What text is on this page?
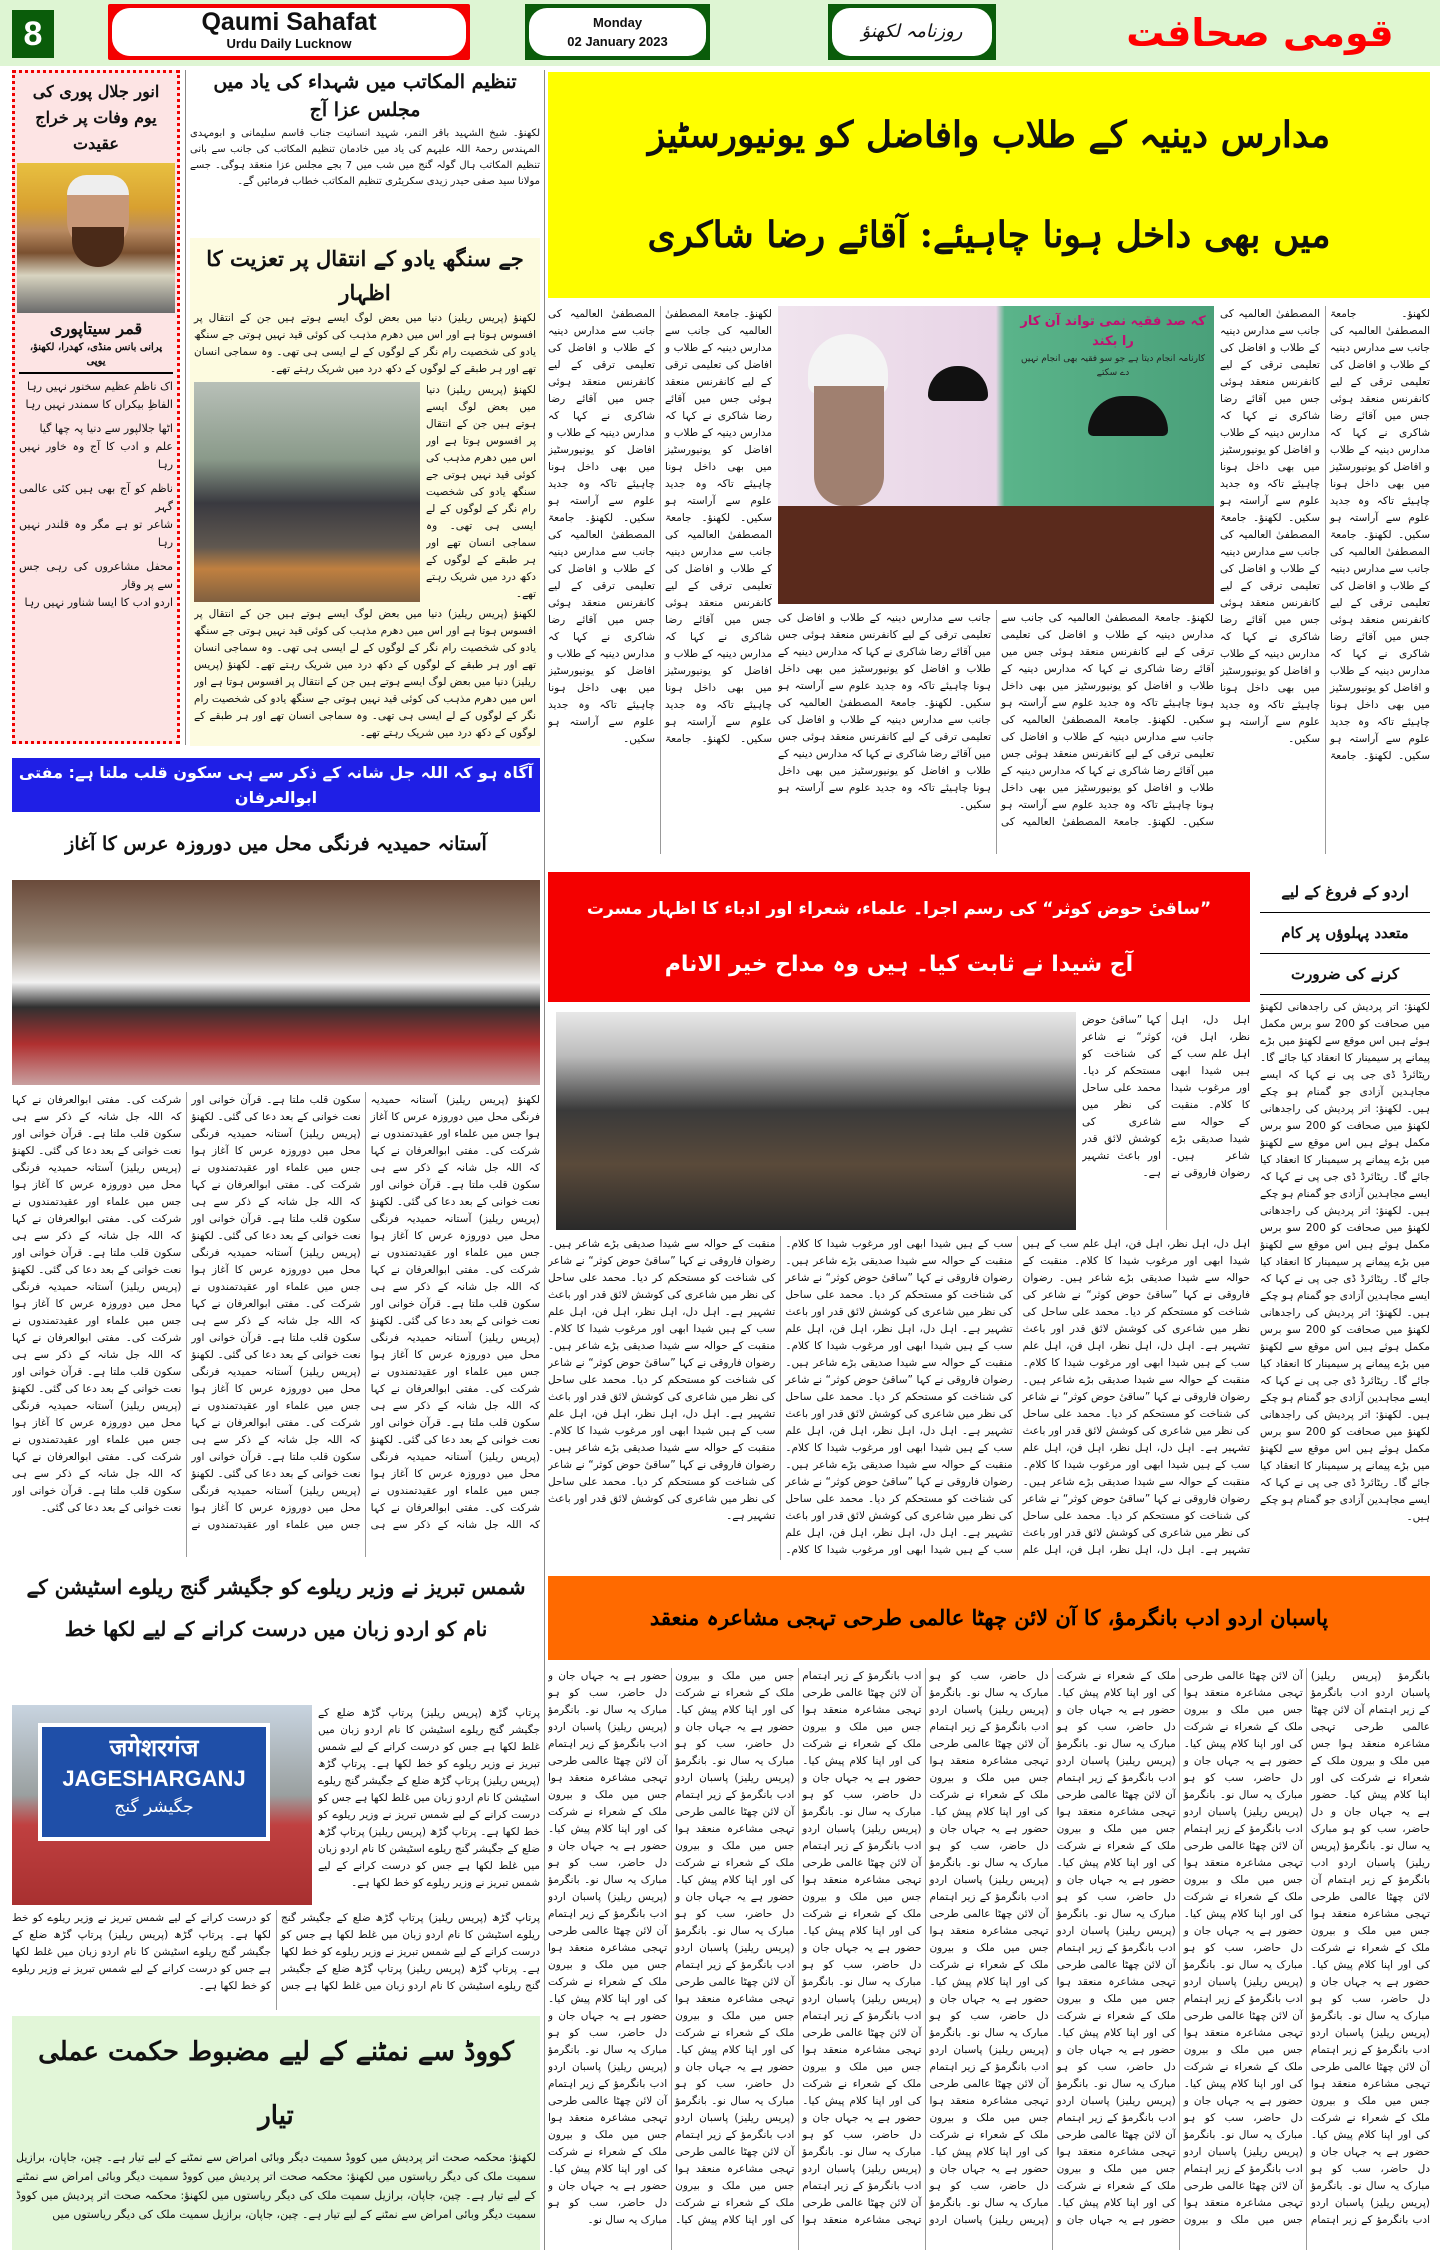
8	Qaumi Sahafat
Urdu Daily Lucknow
Monday
02 January 2023	روزنامہ لکھنؤ	قومی صحافت
انور جلال پوری کی یوم وفات پر خراج عقیدت
قمر سیتاپوری
پرانی بانس منڈی، کھدرا، لکھنؤ، یوپی
اک ناظمِ عظیم سخنور نہیں رہا
الفاظِ بیکراں کا سمندر نہیں رہا
اٹھا جلالپور سے دنیا پہ چھا گیا
علم و ادب کا آج وہ خاور نہیں رہا
ناظم کو آج بھی ہیں کئی عالمی گہر
شاعر تو ہے مگر وہ قلندر نہیں رہا
محفل مشاعروں کی رہی جس سے پر وقار
اردو ادب کا ایسا شناور نہیں رہا
تنظیم المکاتب میں شہداء کی یاد میں مجلس عزا آج
لکھنؤ۔ شیخ الشہید باقر النمر، شہید انسانیت جناب قاسم سلیمانی و ابومہدی المہندس رحمۃ اللہ علیہم کی یاد میں خادمان تنظیم المکاتب کی جانب سے بانی تنظیم المکاتب ہال گولہ گنج میں شب میں 7 بجے مجلس عزا منعقد ہوگی۔ جسے مولانا سید صفی حیدر زیدی سکریٹری تنظیم المکاتب خطاب فرمائیں گے۔
جے سنگھ یادو کے انتقال پر تعزیت کا اظہار
لکھنؤ (پریس ریلیز) دنیا میں بعض لوگ ایسے ہوتے ہیں جن کے انتقال پر افسوس ہوتا ہے اور اس میں دھرم مذہب کی کوئی قید نہیں ہوتی جے سنگھ یادو کی شخصیت رام نگر کے لوگوں کے لے ایسی ہی تھی۔ وہ سماجی انسان تھے اور ہر طبقے کے لوگوں کے دکھ درد میں شریک رہتے تھے۔
لکھنؤ (پریس ریلیز) دنیا میں بعض لوگ ایسے ہوتے ہیں جن کے انتقال پر افسوس ہوتا ہے اور اس میں دھرم مذہب کی کوئی قید نہیں ہوتی جے سنگھ یادو کی شخصیت رام نگر کے لوگوں کے لے ایسی ہی تھی۔ وہ سماجی انسان تھے اور ہر طبقے کے لوگوں کے دکھ درد میں شریک رہتے تھے۔
لکھنؤ (پریس ریلیز) دنیا میں بعض لوگ ایسے ہوتے ہیں جن کے انتقال پر افسوس ہوتا ہے اور اس میں دھرم مذہب کی کوئی قید نہیں ہوتی جے سنگھ یادو کی شخصیت رام نگر کے لوگوں کے لے ایسی ہی تھی۔ وہ سماجی انسان تھے اور ہر طبقے کے لوگوں کے دکھ درد میں شریک رہتے تھے۔ لکھنؤ (پریس ریلیز) دنیا میں بعض لوگ ایسے ہوتے ہیں جن کے انتقال پر افسوس ہوتا ہے اور اس میں دھرم مذہب کی کوئی قید نہیں ہوتی جے سنگھ یادو کی شخصیت رام نگر کے لوگوں کے لے ایسی ہی تھی۔ وہ سماجی انسان تھے اور ہر طبقے کے لوگوں کے دکھ درد میں شریک رہتے تھے۔
آگاہ ہو کہ اللہ جل شانہ کے ذکر سے ہی سکون قلب ملتا ہے: مفتی ابوالعرفان
آستانہ حمیدیہ فرنگی محل میں دوروزہ عرس کا آغاز
لکھنؤ (پریس ریلیز) آستانہ حمیدیہ فرنگی محل میں دوروزہ عرس کا آغاز ہوا جس میں علماء اور عقیدتمندوں نے شرکت کی۔ مفتی ابوالعرفان نے کہا کہ اللہ جل شانہ کے ذکر سے ہی سکون قلب ملتا ہے۔ قرآن خوانی اور نعت خوانی کے بعد دعا کی گئی۔ لکھنؤ (پریس ریلیز) آستانہ حمیدیہ فرنگی محل میں دوروزہ عرس کا آغاز ہوا جس میں علماء اور عقیدتمندوں نے شرکت کی۔ مفتی ابوالعرفان نے کہا کہ اللہ جل شانہ کے ذکر سے ہی سکون قلب ملتا ہے۔ قرآن خوانی اور نعت خوانی کے بعد دعا کی گئی۔ لکھنؤ (پریس ریلیز) آستانہ حمیدیہ فرنگی محل میں دوروزہ عرس کا آغاز ہوا جس میں علماء اور عقیدتمندوں نے شرکت کی۔ مفتی ابوالعرفان نے کہا کہ اللہ جل شانہ کے ذکر سے ہی سکون قلب ملتا ہے۔ قرآن خوانی اور نعت خوانی کے بعد دعا کی گئی۔ لکھنؤ (پریس ریلیز) آستانہ حمیدیہ فرنگی محل میں دوروزہ عرس کا آغاز ہوا جس میں علماء اور عقیدتمندوں نے شرکت کی۔ مفتی ابوالعرفان نے کہا کہ اللہ جل شانہ کے ذکر سے ہی سکون قلب ملتا ہے۔ قرآن خوانی اور نعت خوانی کے بعد دعا کی گئی۔ لکھنؤ (پریس ریلیز) آستانہ حمیدیہ فرنگی محل میں دوروزہ عرس کا آغاز ہوا جس میں علماء اور عقیدتمندوں نے شرکت کی۔ مفتی ابوالعرفان نے کہا کہ اللہ جل شانہ کے ذکر سے ہی سکون قلب ملتا ہے۔ قرآن خوانی اور نعت خوانی کے بعد دعا کی گئی۔ لکھنؤ (پریس ریلیز) آستانہ حمیدیہ فرنگی محل میں دوروزہ عرس کا آغاز ہوا جس میں علماء اور عقیدتمندوں نے شرکت کی۔ مفتی ابوالعرفان نے کہا کہ اللہ جل شانہ کے ذکر سے ہی سکون قلب ملتا ہے۔ قرآن خوانی اور نعت خوانی کے بعد دعا کی گئی۔ لکھنؤ (پریس ریلیز) آستانہ حمیدیہ فرنگی محل میں دوروزہ عرس کا آغاز ہوا جس میں علماء اور عقیدتمندوں نے شرکت کی۔ مفتی ابوالعرفان نے کہا کہ اللہ جل شانہ کے ذکر سے ہی سکون قلب ملتا ہے۔ قرآن خوانی اور نعت خوانی کے بعد دعا کی گئی۔ لکھنؤ (پریس ریلیز) آستانہ حمیدیہ فرنگی محل میں دوروزہ عرس کا آغاز ہوا جس میں علماء اور عقیدتمندوں نے شرکت کی۔ مفتی ابوالعرفان نے کہا کہ اللہ جل شانہ کے ذکر سے ہی سکون قلب ملتا ہے۔ قرآن خوانی اور نعت خوانی کے بعد دعا کی گئی۔ لکھنؤ (پریس ریلیز) آستانہ حمیدیہ فرنگی محل میں دوروزہ عرس کا آغاز ہوا جس میں علماء اور عقیدتمندوں نے شرکت کی۔ مفتی ابوالعرفان نے کہا کہ اللہ جل شانہ کے ذکر سے ہی سکون قلب ملتا ہے۔ قرآن خوانی اور نعت خوانی کے بعد دعا کی گئی۔ لکھنؤ (پریس ریلیز) آستانہ حمیدیہ فرنگی محل میں دوروزہ عرس کا آغاز ہوا جس میں علماء اور عقیدتمندوں نے شرکت کی۔ مفتی ابوالعرفان نے کہا کہ اللہ جل شانہ کے ذکر سے ہی سکون قلب ملتا ہے۔ قرآن خوانی اور نعت خوانی کے بعد دعا کی گئی۔ لکھنؤ (پریس ریلیز) آستانہ حمیدیہ فرنگی محل میں دوروزہ عرس کا آغاز ہوا جس میں علماء اور عقیدتمندوں نے شرکت کی۔ مفتی ابوالعرفان نے کہا کہ اللہ جل شانہ کے ذکر سے ہی سکون قلب ملتا ہے۔ قرآن خوانی اور نعت خوانی کے بعد دعا کی گئی۔
شمس تبریز نے وزیر ریلوے کو جگیشر گنج ریلوے اسٹیشن کے نام کو اردو زبان میں درست کرانے کے لیے لکھا خط
जगेशरगंज
JAGESHARGANJ
جگیشر گنج
پرتاپ گڑھ (پریس ریلیز) پرتاپ گڑھ ضلع کے جگیشر گنج ریلوے اسٹیشن کا نام اردو زبان میں غلط لکھا ہے جس کو درست کرانے کے لیے شمس تبریز نے وزیر ریلوے کو خط لکھا ہے۔ پرتاپ گڑھ (پریس ریلیز) پرتاپ گڑھ ضلع کے جگیشر گنج ریلوے اسٹیشن کا نام اردو زبان میں غلط لکھا ہے جس کو درست کرانے کے لیے شمس تبریز نے وزیر ریلوے کو خط لکھا ہے۔ پرتاپ گڑھ (پریس ریلیز) پرتاپ گڑھ ضلع کے جگیشر گنج ریلوے اسٹیشن کا نام اردو زبان میں غلط لکھا ہے جس کو درست کرانے کے لیے شمس تبریز نے وزیر ریلوے کو خط لکھا ہے۔
پرتاپ گڑھ (پریس ریلیز) پرتاپ گڑھ ضلع کے جگیشر گنج ریلوے اسٹیشن کا نام اردو زبان میں غلط لکھا ہے جس کو درست کرانے کے لیے شمس تبریز نے وزیر ریلوے کو خط لکھا ہے۔ پرتاپ گڑھ (پریس ریلیز) پرتاپ گڑھ ضلع کے جگیشر گنج ریلوے اسٹیشن کا نام اردو زبان میں غلط لکھا ہے جس کو درست کرانے کے لیے شمس تبریز نے وزیر ریلوے کو خط لکھا ہے۔ پرتاپ گڑھ (پریس ریلیز) پرتاپ گڑھ ضلع کے جگیشر گنج ریلوے اسٹیشن کا نام اردو زبان میں غلط لکھا ہے جس کو درست کرانے کے لیے شمس تبریز نے وزیر ریلوے کو خط لکھا ہے۔
کووڈ سے نمٹنے کے لیے مضبوط حکمت عملی تیار
لکھنؤ: محکمہ صحت اتر پردیش میں کووڈ سمیت دیگر وبائی امراض سے نمٹنے کے لیے تیار ہے۔ چین، جاپان، برازیل سمیت ملک کی دیگر ریاستوں میں لکھنؤ: محکمہ صحت اتر پردیش میں کووڈ سمیت دیگر وبائی امراض سے نمٹنے کے لیے تیار ہے۔ چین، جاپان، برازیل سمیت ملک کی دیگر ریاستوں میں لکھنؤ: محکمہ صحت اتر پردیش میں کووڈ سمیت دیگر وبائی امراض سے نمٹنے کے لیے تیار ہے۔ چین، جاپان، برازیل سمیت ملک کی دیگر ریاستوں میں
مدارس دینیہ کے طلاب وافاضل کو یونیورسٹیز
میں بھی داخل ہونا چاہیئے: آقائے رضا شاکری
لکھنؤ۔ جامعۃ المصطفیٰ العالمیہ کی جانب سے مدارس دینیہ کے طلاب و افاضل کی تعلیمی ترقی کے لیے کانفرنس منعقد ہوئی جس میں آقائے رضا شاکری نے کہا کہ مدارس دینیہ کے طلاب و افاضل کو یونیورسٹیز میں بھی داخل ہونا چاہیئے تاکہ وہ جدید علوم سے آراستہ ہو سکیں۔ لکھنؤ۔ جامعۃ المصطفیٰ العالمیہ کی جانب سے مدارس دینیہ کے طلاب و افاضل کی تعلیمی ترقی کے لیے کانفرنس منعقد ہوئی جس میں آقائے رضا شاکری نے کہا کہ مدارس دینیہ کے طلاب و افاضل کو یونیورسٹیز میں بھی داخل ہونا چاہیئے تاکہ وہ جدید علوم سے آراستہ ہو سکیں۔ لکھنؤ۔ جامعۃ المصطفیٰ العالمیہ کی جانب سے مدارس دینیہ کے طلاب و افاضل کی تعلیمی ترقی کے لیے کانفرنس منعقد ہوئی جس میں آقائے رضا شاکری نے کہا کہ مدارس دینیہ کے طلاب و افاضل کو یونیورسٹیز میں بھی داخل ہونا چاہیئے تاکہ وہ جدید علوم سے آراستہ ہو سکیں۔ لکھنؤ۔ جامعۃ المصطفیٰ العالمیہ کی جانب سے مدارس دینیہ کے طلاب و افاضل کی تعلیمی ترقی کے لیے کانفرنس منعقد ہوئی جس میں آقائے رضا شاکری نے کہا کہ مدارس دینیہ کے طلاب و افاضل کو یونیورسٹیز میں بھی داخل ہونا چاہیئے تاکہ وہ جدید علوم سے آراستہ ہو سکیں۔
کہ صد فقیہ نمی تواند آن کار را بکند
کارنامہ انجام دیتا ہے جو سو فقیہ بھی انجام نہیں دے سکتے
لکھنؤ۔ جامعۃ المصطفیٰ العالمیہ کی جانب سے مدارس دینیہ کے طلاب و افاضل کی تعلیمی ترقی کے لیے کانفرنس منعقد ہوئی جس میں آقائے رضا شاکری نے کہا کہ مدارس دینیہ کے طلاب و افاضل کو یونیورسٹیز میں بھی داخل ہونا چاہیئے تاکہ وہ جدید علوم سے آراستہ ہو سکیں۔ لکھنؤ۔ جامعۃ المصطفیٰ العالمیہ کی جانب سے مدارس دینیہ کے طلاب و افاضل کی تعلیمی ترقی کے لیے کانفرنس منعقد ہوئی جس میں آقائے رضا شاکری نے کہا کہ مدارس دینیہ کے طلاب و افاضل کو یونیورسٹیز میں بھی داخل ہونا چاہیئے تاکہ وہ جدید علوم سے آراستہ ہو سکیں۔ لکھنؤ۔ جامعۃ المصطفیٰ العالمیہ کی جانب سے مدارس دینیہ کے طلاب و افاضل کی تعلیمی ترقی کے لیے کانفرنس منعقد ہوئی جس میں آقائے رضا شاکری نے کہا کہ مدارس دینیہ کے طلاب و افاضل کو یونیورسٹیز میں بھی داخل ہونا چاہیئے تاکہ وہ جدید علوم سے آراستہ ہو سکیں۔ لکھنؤ۔ جامعۃ المصطفیٰ العالمیہ کی جانب سے مدارس دینیہ کے طلاب و افاضل کی تعلیمی ترقی کے لیے کانفرنس منعقد ہوئی جس میں آقائے رضا شاکری نے کہا کہ مدارس دینیہ کے طلاب و افاضل کو یونیورسٹیز میں بھی داخل ہونا چاہیئے تاکہ وہ جدید علوم سے آراستہ ہو سکیں۔
لکھنؤ۔ جامعۃ المصطفیٰ العالمیہ کی جانب سے مدارس دینیہ کے طلاب و افاضل کی تعلیمی ترقی کے لیے کانفرنس منعقد ہوئی جس میں آقائے رضا شاکری نے کہا کہ مدارس دینیہ کے طلاب و افاضل کو یونیورسٹیز میں بھی داخل ہونا چاہیئے تاکہ وہ جدید علوم سے آراستہ ہو سکیں۔ لکھنؤ۔ جامعۃ المصطفیٰ العالمیہ کی جانب سے مدارس دینیہ کے طلاب و افاضل کی تعلیمی ترقی کے لیے کانفرنس منعقد ہوئی جس میں آقائے رضا شاکری نے کہا کہ مدارس دینیہ کے طلاب و افاضل کو یونیورسٹیز میں بھی داخل ہونا چاہیئے تاکہ وہ جدید علوم سے آراستہ ہو سکیں۔ لکھنؤ۔ جامعۃ المصطفیٰ العالمیہ کی جانب سے مدارس دینیہ کے طلاب و افاضل کی تعلیمی ترقی کے لیے کانفرنس منعقد ہوئی جس میں آقائے رضا شاکری نے کہا کہ مدارس دینیہ کے طلاب و افاضل کو یونیورسٹیز میں بھی داخل ہونا چاہیئے تاکہ وہ جدید علوم سے آراستہ ہو سکیں۔ لکھنؤ۔ جامعۃ المصطفیٰ العالمیہ کی جانب سے مدارس دینیہ کے طلاب و افاضل کی تعلیمی ترقی کے لیے کانفرنس منعقد ہوئی جس میں آقائے رضا شاکری نے کہا کہ مدارس دینیہ کے طلاب و افاضل کو یونیورسٹیز میں بھی داخل ہونا چاہیئے تاکہ وہ جدید علوم سے آراستہ ہو سکیں۔
”ساقیٔ حوض کوثر“ کی رسم اجرا۔ علماء، شعراء اور ادباء کا اظہار مسرت
آج شیدا نے ثابت کیا۔ ہیں وہ مداح خیر الانام
اہل دل، اہل نظر، اہل فن، اہل علم سب کے ہیں شیدا ابھی اور مرغوب شیدا کا کلام۔ منقبت کے حوالہ سے شیدا صدیقی بڑے شاعر ہیں۔ رضوان فاروقی نے کہا ”ساقیٔ حوض کوثر“ نے شاعر کی شناخت کو مستحکم کر دیا۔ محمد علی ساحل کی نظر میں شاعری کی کوشش لائق قدر اور باعث تشہیر ہے۔
اہل دل، اہل نظر، اہل فن، اہل علم سب کے ہیں شیدا ابھی اور مرغوب شیدا کا کلام۔ منقبت کے حوالہ سے شیدا صدیقی بڑے شاعر ہیں۔ رضوان فاروقی نے کہا ”ساقیٔ حوض کوثر“ نے شاعر کی شناخت کو مستحکم کر دیا۔ محمد علی ساحل کی نظر میں شاعری کی کوشش لائق قدر اور باعث تشہیر ہے۔ اہل دل، اہل نظر، اہل فن، اہل علم سب کے ہیں شیدا ابھی اور مرغوب شیدا کا کلام۔ منقبت کے حوالہ سے شیدا صدیقی بڑے شاعر ہیں۔ رضوان فاروقی نے کہا ”ساقیٔ حوض کوثر“ نے شاعر کی شناخت کو مستحکم کر دیا۔ محمد علی ساحل کی نظر میں شاعری کی کوشش لائق قدر اور باعث تشہیر ہے۔ اہل دل، اہل نظر، اہل فن، اہل علم سب کے ہیں شیدا ابھی اور مرغوب شیدا کا کلام۔ منقبت کے حوالہ سے شیدا صدیقی بڑے شاعر ہیں۔ رضوان فاروقی نے کہا ”ساقیٔ حوض کوثر“ نے شاعر کی شناخت کو مستحکم کر دیا۔ محمد علی ساحل کی نظر میں شاعری کی کوشش لائق قدر اور باعث تشہیر ہے۔ اہل دل، اہل نظر، اہل فن، اہل علم سب کے ہیں شیدا ابھی اور مرغوب شیدا کا کلام۔ منقبت کے حوالہ سے شیدا صدیقی بڑے شاعر ہیں۔ رضوان فاروقی نے کہا ”ساقیٔ حوض کوثر“ نے شاعر کی شناخت کو مستحکم کر دیا۔ محمد علی ساحل کی نظر میں شاعری کی کوشش لائق قدر اور باعث تشہیر ہے۔ اہل دل، اہل نظر، اہل فن، اہل علم سب کے ہیں شیدا ابھی اور مرغوب شیدا کا کلام۔ منقبت کے حوالہ سے شیدا صدیقی بڑے شاعر ہیں۔ رضوان فاروقی نے کہا ”ساقیٔ حوض کوثر“ نے شاعر کی شناخت کو مستحکم کر دیا۔ محمد علی ساحل کی نظر میں شاعری کی کوشش لائق قدر اور باعث تشہیر ہے۔ اہل دل، اہل نظر، اہل فن، اہل علم سب کے ہیں شیدا ابھی اور مرغوب شیدا کا کلام۔ منقبت کے حوالہ سے شیدا صدیقی بڑے شاعر ہیں۔ رضوان فاروقی نے کہا ”ساقیٔ حوض کوثر“ نے شاعر کی شناخت کو مستحکم کر دیا۔ محمد علی ساحل کی نظر میں شاعری کی کوشش لائق قدر اور باعث تشہیر ہے۔ اہل دل، اہل نظر، اہل فن، اہل علم سب کے ہیں شیدا ابھی اور مرغوب شیدا کا کلام۔ منقبت کے حوالہ سے شیدا صدیقی بڑے شاعر ہیں۔ رضوان فاروقی نے کہا ”ساقیٔ حوض کوثر“ نے شاعر کی شناخت کو مستحکم کر دیا۔ محمد علی ساحل کی نظر میں شاعری کی کوشش لائق قدر اور باعث تشہیر ہے۔ اہل دل، اہل نظر، اہل فن، اہل علم سب کے ہیں شیدا ابھی اور مرغوب شیدا کا کلام۔ منقبت کے حوالہ سے شیدا صدیقی بڑے شاعر ہیں۔ رضوان فاروقی نے کہا ”ساقیٔ حوض کوثر“ نے شاعر کی شناخت کو مستحکم کر دیا۔ محمد علی ساحل کی نظر میں شاعری کی کوشش لائق قدر اور باعث تشہیر ہے۔ اہل دل، اہل نظر، اہل فن، اہل علم سب کے ہیں شیدا ابھی اور مرغوب شیدا کا کلام۔ منقبت کے حوالہ سے شیدا صدیقی بڑے شاعر ہیں۔ رضوان فاروقی نے کہا ”ساقیٔ حوض کوثر“ نے شاعر کی شناخت کو مستحکم کر دیا۔ محمد علی ساحل کی نظر میں شاعری کی کوشش لائق قدر اور باعث تشہیر ہے۔
اردو کے فروغ کے لیے
متعدد پہلوؤں پر کام
کرنے کی ضرورت
لکھنؤ: اتر پردیش کی راجدھانی لکھنؤ میں صحافت کو 200 سو برس مکمل ہوئے ہیں اس موقع سے لکھنؤ میں بڑے پیمانے پر سیمینار کا انعقاد کیا جائے گا۔ ریٹائرڈ ڈی جی پی نے کہا کہ ایسے مجاہدین آزادی جو گمنام ہو چکے ہیں۔ لکھنؤ: اتر پردیش کی راجدھانی لکھنؤ میں صحافت کو 200 سو برس مکمل ہوئے ہیں اس موقع سے لکھنؤ میں بڑے پیمانے پر سیمینار کا انعقاد کیا جائے گا۔ ریٹائرڈ ڈی جی پی نے کہا کہ ایسے مجاہدین آزادی جو گمنام ہو چکے ہیں۔ لکھنؤ: اتر پردیش کی راجدھانی لکھنؤ میں صحافت کو 200 سو برس مکمل ہوئے ہیں اس موقع سے لکھنؤ میں بڑے پیمانے پر سیمینار کا انعقاد کیا جائے گا۔ ریٹائرڈ ڈی جی پی نے کہا کہ ایسے مجاہدین آزادی جو گمنام ہو چکے ہیں۔ لکھنؤ: اتر پردیش کی راجدھانی لکھنؤ میں صحافت کو 200 سو برس مکمل ہوئے ہیں اس موقع سے لکھنؤ میں بڑے پیمانے پر سیمینار کا انعقاد کیا جائے گا۔ ریٹائرڈ ڈی جی پی نے کہا کہ ایسے مجاہدین آزادی جو گمنام ہو چکے ہیں۔ لکھنؤ: اتر پردیش کی راجدھانی لکھنؤ میں صحافت کو 200 سو برس مکمل ہوئے ہیں اس موقع سے لکھنؤ میں بڑے پیمانے پر سیمینار کا انعقاد کیا جائے گا۔ ریٹائرڈ ڈی جی پی نے کہا کہ ایسے مجاہدین آزادی جو گمنام ہو چکے ہیں۔
پاسبان اردو ادب بانگرمؤ، کا آن لائن چھٹا عالمی طرحی تہجی مشاعرہ منعقد
بانگرمؤ (پریس ریلیز) پاسبان اردو ادب بانگرمؤ کے زیر اہتمام آن لائن چھٹا عالمی طرحی تہجی مشاعرہ منعقد ہوا جس میں ملک و بیرون ملک کے شعراء نے شرکت کی اور اپنا کلام پیش کیا۔ حضور ہے یہ جہاں جان و دل حاضر، سب کو ہو مبارک یہ سال نو۔ بانگرمؤ (پریس ریلیز) پاسبان اردو ادب بانگرمؤ کے زیر اہتمام آن لائن چھٹا عالمی طرحی تہجی مشاعرہ منعقد ہوا جس میں ملک و بیرون ملک کے شعراء نے شرکت کی اور اپنا کلام پیش کیا۔ حضور ہے یہ جہاں جان و دل حاضر، سب کو ہو مبارک یہ سال نو۔ بانگرمؤ (پریس ریلیز) پاسبان اردو ادب بانگرمؤ کے زیر اہتمام آن لائن چھٹا عالمی طرحی تہجی مشاعرہ منعقد ہوا جس میں ملک و بیرون ملک کے شعراء نے شرکت کی اور اپنا کلام پیش کیا۔ حضور ہے یہ جہاں جان و دل حاضر، سب کو ہو مبارک یہ سال نو۔ بانگرمؤ (پریس ریلیز) پاسبان اردو ادب بانگرمؤ کے زیر اہتمام آن لائن چھٹا عالمی طرحی تہجی مشاعرہ منعقد ہوا جس میں ملک و بیرون ملک کے شعراء نے شرکت کی اور اپنا کلام پیش کیا۔ حضور ہے یہ جہاں جان و دل حاضر، سب کو ہو مبارک یہ سال نو۔ بانگرمؤ (پریس ریلیز) پاسبان اردو ادب بانگرمؤ کے زیر اہتمام آن لائن چھٹا عالمی طرحی تہجی مشاعرہ منعقد ہوا جس میں ملک و بیرون ملک کے شعراء نے شرکت کی اور اپنا کلام پیش کیا۔ حضور ہے یہ جہاں جان و دل حاضر، سب کو ہو مبارک یہ سال نو۔ بانگرمؤ (پریس ریلیز) پاسبان اردو ادب بانگرمؤ کے زیر اہتمام آن لائن چھٹا عالمی طرحی تہجی مشاعرہ منعقد ہوا جس میں ملک و بیرون ملک کے شعراء نے شرکت کی اور اپنا کلام پیش کیا۔ حضور ہے یہ جہاں جان و دل حاضر، سب کو ہو مبارک یہ سال نو۔ بانگرمؤ (پریس ریلیز) پاسبان اردو ادب بانگرمؤ کے زیر اہتمام آن لائن چھٹا عالمی طرحی تہجی مشاعرہ منعقد ہوا جس میں ملک و بیرون ملک کے شعراء نے شرکت کی اور اپنا کلام پیش کیا۔ حضور ہے یہ جہاں جان و دل حاضر، سب کو ہو مبارک یہ سال نو۔ بانگرمؤ (پریس ریلیز) پاسبان اردو ادب بانگرمؤ کے زیر اہتمام آن لائن چھٹا عالمی طرحی تہجی مشاعرہ منعقد ہوا جس میں ملک و بیرون ملک کے شعراء نے شرکت کی اور اپنا کلام پیش کیا۔ حضور ہے یہ جہاں جان و دل حاضر، سب کو ہو مبارک یہ سال نو۔ بانگرمؤ (پریس ریلیز) پاسبان اردو ادب بانگرمؤ کے زیر اہتمام آن لائن چھٹا عالمی طرحی تہجی مشاعرہ منعقد ہوا جس میں ملک و بیرون ملک کے شعراء نے شرکت کی اور اپنا کلام پیش کیا۔ حضور ہے یہ جہاں جان و دل حاضر، سب کو ہو مبارک یہ سال نو۔ بانگرمؤ (پریس ریلیز) پاسبان اردو ادب بانگرمؤ کے زیر اہتمام آن لائن چھٹا عالمی طرحی تہجی مشاعرہ منعقد ہوا جس میں ملک و بیرون ملک کے شعراء نے شرکت کی اور اپنا کلام پیش کیا۔ حضور ہے یہ جہاں جان و دل حاضر، سب کو ہو مبارک یہ سال نو۔ بانگرمؤ (پریس ریلیز) پاسبان اردو ادب بانگرمؤ کے زیر اہتمام آن لائن چھٹا عالمی طرحی تہجی مشاعرہ منعقد ہوا جس میں ملک و بیرون ملک کے شعراء نے شرکت کی اور اپنا کلام پیش کیا۔ حضور ہے یہ جہاں جان و دل حاضر، سب کو ہو مبارک یہ سال نو۔ بانگرمؤ (پریس ریلیز) پاسبان اردو ادب بانگرمؤ کے زیر اہتمام آن لائن چھٹا عالمی طرحی تہجی مشاعرہ منعقد ہوا جس میں ملک و بیرون ملک کے شعراء نے شرکت کی اور اپنا کلام پیش کیا۔ حضور ہے یہ جہاں جان و دل حاضر، سب کو ہو مبارک یہ سال نو۔ بانگرمؤ (پریس ریلیز) پاسبان اردو ادب بانگرمؤ کے زیر اہتمام آن لائن چھٹا عالمی طرحی تہجی مشاعرہ منعقد ہوا جس میں ملک و بیرون ملک کے شعراء نے شرکت کی اور اپنا کلام پیش کیا۔ حضور ہے یہ جہاں جان و دل حاضر، سب کو ہو مبارک یہ سال نو۔ بانگرمؤ (پریس ریلیز) پاسبان اردو ادب بانگرمؤ کے زیر اہتمام آن لائن چھٹا عالمی طرحی تہجی مشاعرہ منعقد ہوا جس میں ملک و بیرون ملک کے شعراء نے شرکت کی اور اپنا کلام پیش کیا۔ حضور ہے یہ جہاں جان و دل حاضر، سب کو ہو مبارک یہ سال نو۔ بانگرمؤ (پریس ریلیز) پاسبان اردو ادب بانگرمؤ کے زیر اہتمام آن لائن چھٹا عالمی طرحی تہجی مشاعرہ منعقد ہوا جس میں ملک و بیرون ملک کے شعراء نے شرکت کی اور اپنا کلام پیش کیا۔ حضور ہے یہ جہاں جان و دل حاضر، سب کو ہو مبارک یہ سال نو۔ بانگرمؤ (پریس ریلیز) پاسبان اردو ادب بانگرمؤ کے زیر اہتمام آن لائن چھٹا عالمی طرحی تہجی مشاعرہ منعقد ہوا جس میں ملک و بیرون ملک کے شعراء نے شرکت کی اور اپنا کلام پیش کیا۔ حضور ہے یہ جہاں جان و دل حاضر، سب کو ہو مبارک یہ سال نو۔ بانگرمؤ (پریس ریلیز) پاسبان اردو ادب بانگرمؤ کے زیر اہتمام آن لائن چھٹا عالمی طرحی تہجی مشاعرہ منعقد ہوا جس میں ملک و بیرون ملک کے شعراء نے شرکت کی اور اپنا کلام پیش کیا۔ حضور ہے یہ جہاں جان و دل حاضر، سب کو ہو مبارک یہ سال نو۔ بانگرمؤ (پریس ریلیز) پاسبان اردو ادب بانگرمؤ کے زیر اہتمام آن لائن چھٹا عالمی طرحی تہجی مشاعرہ منعقد ہوا جس میں ملک و بیرون ملک کے شعراء نے شرکت کی اور اپنا کلام پیش کیا۔ حضور ہے یہ جہاں جان و دل حاضر، سب کو ہو مبارک یہ سال نو۔ بانگرمؤ (پریس ریلیز) پاسبان اردو ادب بانگرمؤ کے زیر اہتمام آن لائن چھٹا عالمی طرحی تہجی مشاعرہ منعقد ہوا جس میں ملک و بیرون ملک کے شعراء نے شرکت کی اور اپنا کلام پیش کیا۔ حضور ہے یہ جہاں جان و دل حاضر، سب کو ہو مبارک یہ سال نو۔ بانگرمؤ (پریس ریلیز) پاسبان اردو ادب بانگرمؤ کے زیر اہتمام آن لائن چھٹا عالمی طرحی تہجی مشاعرہ منعقد ہوا جس میں ملک و بیرون ملک کے شعراء نے شرکت کی اور اپنا کلام پیش کیا۔ حضور ہے یہ جہاں جان و دل حاضر، سب کو ہو مبارک یہ سال نو۔ بانگرمؤ (پریس ریلیز) پاسبان اردو ادب بانگرمؤ کے زیر اہتمام آن لائن چھٹا عالمی طرحی تہجی مشاعرہ منعقد ہوا جس میں ملک و بیرون ملک کے شعراء نے شرکت کی اور اپنا کلام پیش کیا۔ حضور ہے یہ جہاں جان و دل حاضر، سب کو ہو مبارک یہ سال نو۔ بانگرمؤ (پریس ریلیز) پاسبان اردو ادب بانگرمؤ کے زیر اہتمام آن لائن چھٹا عالمی طرحی تہجی مشاعرہ منعقد ہوا جس میں ملک و بیرون ملک کے شعراء نے شرکت کی اور اپنا کلام پیش کیا۔ حضور ہے یہ جہاں جان و دل حاضر، سب کو ہو مبارک یہ سال نو۔ بانگرمؤ (پریس ریلیز) پاسبان اردو ادب بانگرمؤ کے زیر اہتمام آن لائن چھٹا عالمی طرحی تہجی مشاعرہ منعقد ہوا جس میں ملک و بیرون ملک کے شعراء نے شرکت کی اور اپنا کلام پیش کیا۔ حضور ہے یہ جہاں جان و دل حاضر، سب کو ہو مبارک یہ سال نو۔
